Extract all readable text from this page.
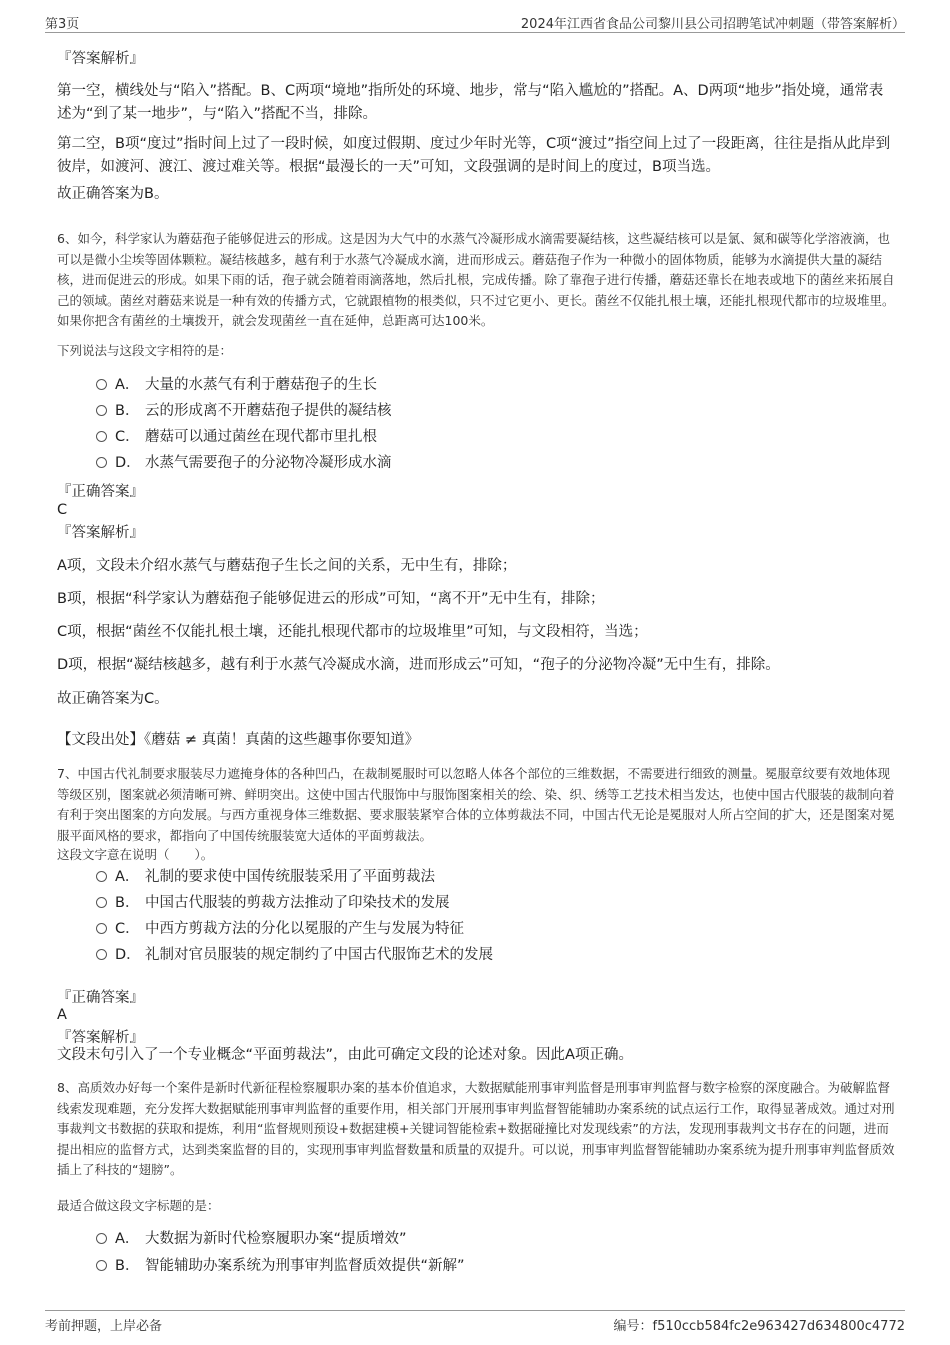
第3页	2024年江西省食品公司黎川县公司招聘笔试冲刺题（带答案解析）

『答案解析』

第一空，横线处与“陷入”搭配。B、C两项“境地”指所处的环境、地步，常与“陷入尴尬的”搭配。A、D两项“地步”指处境，通常表述为“到了某一地步”，与“陷入”搭配不当，排除。

第二空，B项“度过”指时间上过了一段时候，如度过假期、度过少年时光等，C项“渡过”指空间上过了一段距离，往往是指从此岸到彼岸，如渡河、渡江、渡过难关等。根据“最漫长的一天”可知，文段强调的是时间上的度过，B项当选。

故正确答案为B。

6、如今，科学家认为蘑菇孢子能够促进云的形成。这是因为大气中的水蒸气冷凝形成水滴需要凝结核，这些凝结核可以是氯、氮和碳等化学溶液滴，也可以是微小尘埃等固体颗粒。凝结核越多，越有利于水蒸气冷凝成水滴，进而形成云。蘑菇孢子作为一种微小的固体物质，能够为水滴提供大量的凝结核，进而促进云的形成。如果下雨的话，孢子就会随着雨滴落地，然后扎根，完成传播。除了靠孢子进行传播，蘑菇还靠长在地表或地下的菌丝来拓展自己的领域。菌丝对蘑菇来说是一种有效的传播方式，它就跟植物的根类似，只不过它更小、更长。菌丝不仅能扎根土壤，还能扎根现代都市的垃圾堆里。如果你把含有菌丝的土壤拨开，就会发现菌丝一直在延伸，总距离可达100米。

下列说法与这段文字相符的是：

A． 大量的水蒸气有利于蘑菇孢子的生长
B． 云的形成离不开蘑菇孢子提供的凝结核
C． 蘑菇可以通过菌丝在现代都市里扎根
D． 水蒸气需要孢子的分泌物冷凝形成水滴

『正确答案』

C

『答案解析』

A项，文段未介绍水蒸气与蘑菇孢子生长之间的关系，无中生有，排除；

B项，根据“科学家认为蘑菇孢子能够促进云的形成”可知，“离不开”无中生有，排除；

C项，根据“菌丝不仅能扎根土壤，还能扎根现代都市的垃圾堆里”可知，与文段相符，当选；

D项，根据“凝结核越多，越有利于水蒸气冷凝成水滴，进而形成云”可知，“孢子的分泌物冷凝”无中生有，排除。

故正确答案为C。

【文段出处】《蘑菇 ≠ 真菌！真菌的这些趣事你要知道》

7、中国古代礼制要求服装尽力遮掩身体的各种凹凸，在裁制冕服时可以忽略人体各个部位的三维数据，不需要进行细致的测量。冕服章纹要有效地体现等级区别，图案就必须清晰可辨、鲜明突出。这使中国古代服饰中与服饰图案相关的绘、染、织、绣等工艺技术相当发达，也使中国古代服装的裁制向着有利于突出图案的方向发展。与西方重视身体三维数据、要求服装紧窄合体的立体剪裁法不同，中国古代无论是冕服对人所占空间的扩大，还是图案对冕服平面风格的要求，都指向了中国传统服装宽大适体的平面剪裁法。

这段文字意在说明（　　）。

A． 礼制的要求使中国传统服装采用了平面剪裁法
B． 中国古代服装的剪裁方法推动了印染技术的发展
C． 中西方剪裁方法的分化以冕服的产生与发展为特征
D． 礼制对官员服装的规定制约了中国古代服饰艺术的发展

『正确答案』

A

『答案解析』

文段末句引入了一个专业概念“平面剪裁法”，由此可确定文段的论述对象。因此A项正确。

8、高质效办好每一个案件是新时代新征程检察履职办案的基本价值追求，大数据赋能刑事审判监督是刑事审判监督与数字检察的深度融合。为破解监督线索发现难题，充分发挥大数据赋能刑事审判监督的重要作用，相关部门开展刑事审判监督智能辅助办案系统的试点运行工作，取得显著成效。通过对刑事裁判文书数据的获取和提炼，利用“监督规则预设+数据建模+关键词智能检索+数据碰撞比对发现线索”的方法，发现刑事裁判文书存在的问题，进而提出相应的监督方式，达到类案监督的目的，实现刑事审判监督数量和质量的双提升。可以说，刑事审判监督智能辅助办案系统为提升刑事审判监督质效插上了科技的“翅膀”。

最适合做这段文字标题的是：

A． 大数据为新时代检察履职办案“提质增效”
B． 智能辅助办案系统为刑事审判监督质效提供“新解”
考前押题，上岸必备	编号：f510ccb584fc2e963427d634800c4772
